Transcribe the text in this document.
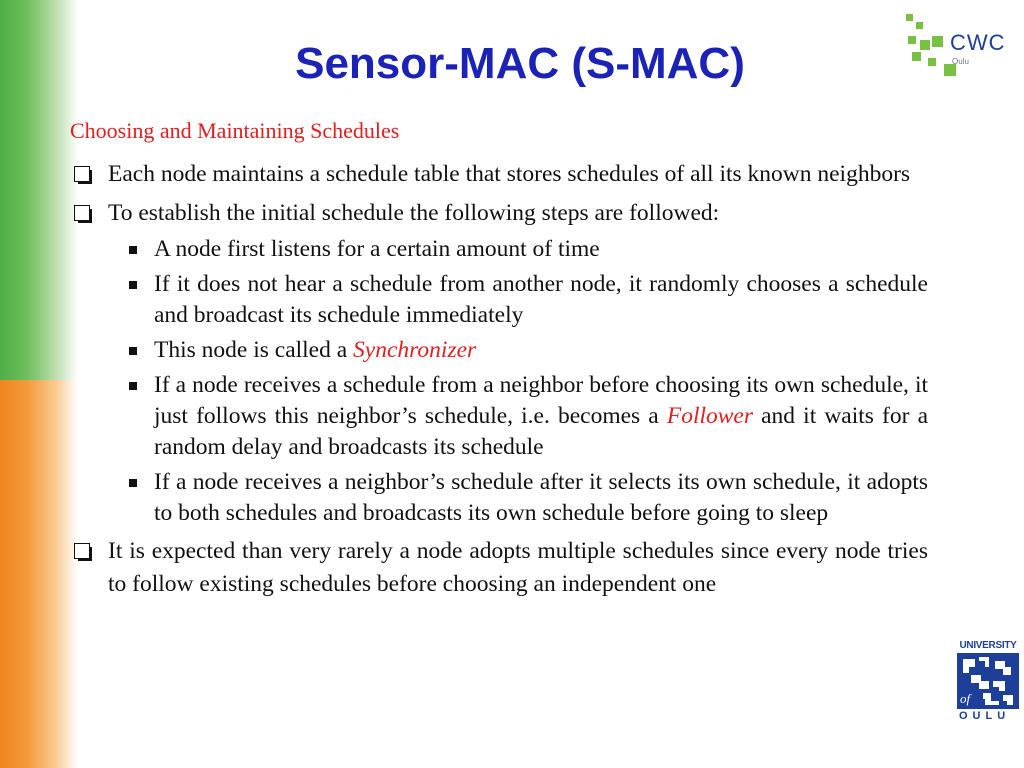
CWC
Oulu
Sensor-MAC (S-MAC)
Choosing and Maintaining Schedules
Each node maintains a schedule table that stores schedules of all its known neighbors
To establish the initial schedule the following steps are followed:
A node first listens for a certain amount of time
If it does not hear a schedule from another node, it randomly chooses a schedule and broadcast its schedule immediately
This node is called a Synchronizer
If a node receives a schedule from a neighbor before choosing its own schedule, it just follows this neighbor’s schedule, i.e. becomes a Follower and it waits for a random delay and broadcasts its schedule
If a node receives a neighbor’s schedule after it selects its own schedule, it adopts to both schedules and broadcasts its own schedule before going to sleep
It is expected than very rarely a node adopts multiple schedules since every node tries to follow existing schedules before choosing an independent one
UNIVERSITY
of
OULU
